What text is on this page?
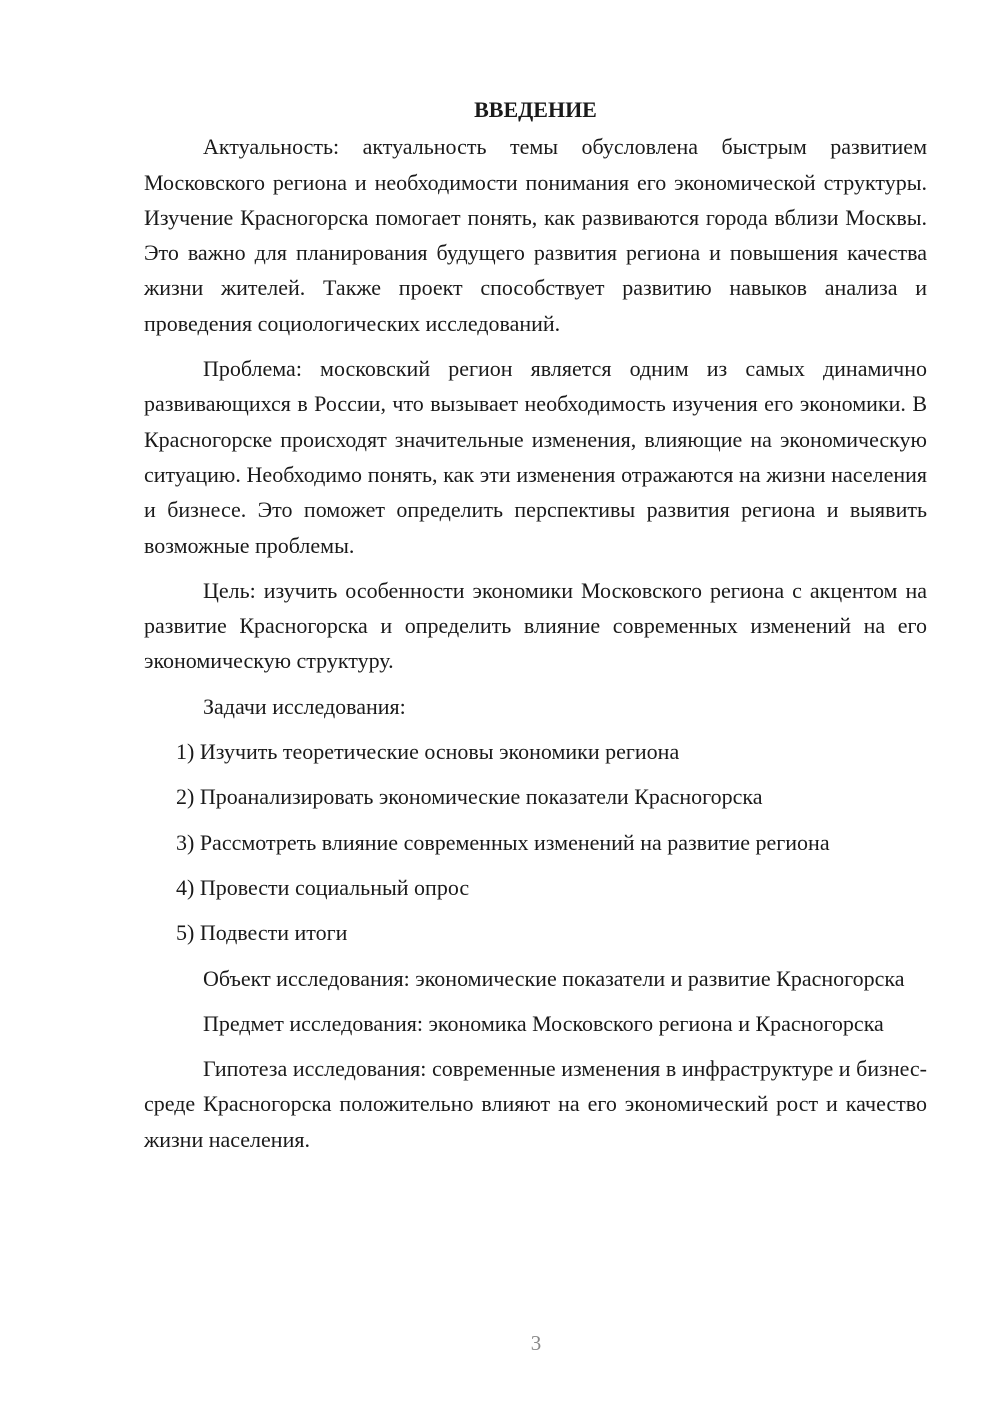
ВВЕДЕНИЕ

Актуальность: актуальность темы обусловлена быстрым развитием Московского региона и необходимости понимания его экономической структуры. Изучение Красногорска помогает понять, как развиваются города вблизи Москвы. Это важно для планирования будущего развития региона и повышения качества жизни жителей. Также проект способствует развитию навыков анализа и проведения социологических исследований.

Проблема: московский регион является одним из самых динамично развивающихся в России, что вызывает необходимость изучения его экономики. В Красногорске происходят значительные изменения, влияющие на экономическую ситуацию. Необходимо понять, как эти изменения отражаются на жизни населения и бизнесе. Это поможет определить перспективы развития региона и выявить возможные проблемы.

Цель: изучить особенности экономики Московского региона с акцентом на развитие Красногорска и определить влияние современных изменений на его экономическую структуру.

Задачи исследования:

1) Изучить теоретические основы экономики региона
2) Проанализировать экономические показатели Красногорска
3) Рассмотреть влияние современных изменений на развитие региона
4) Провести социальный опрос
5) Подвести итоги

Объект исследования: экономические показатели и развитие Красногорска

Предмет исследования: экономика Московского региона и Красногорска

Гипотеза исследования: современные изменения в инфраструктуре и бизнес-среде Красногорска положительно влияют на его экономический рост и качество жизни населения.

3
